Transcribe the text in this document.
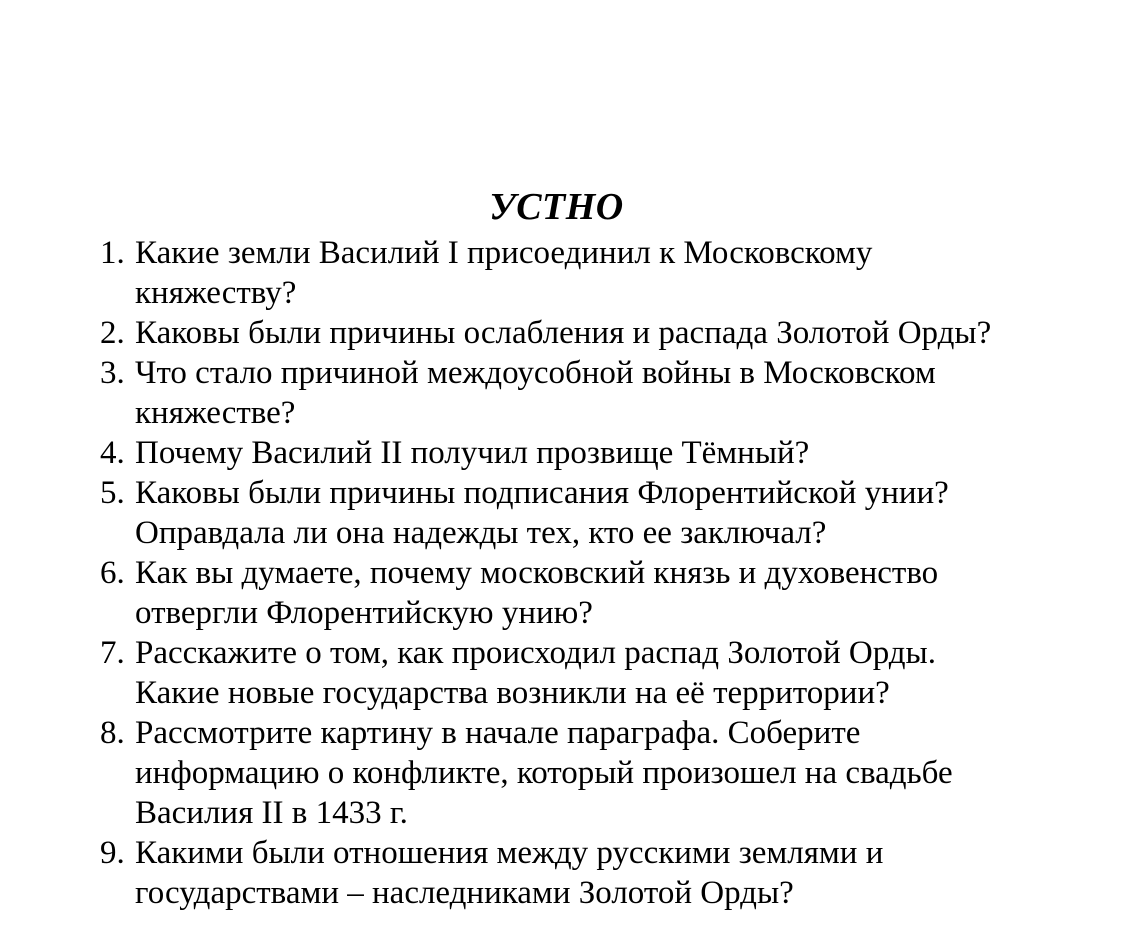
УСТНО
1. Какие земли Василий I присоединил к Московскому
княжеству?
2. Каковы были причины ослабления и распада Золотой Орды?
3. Что стало причиной междоусобной войны в Московском
княжестве?
4. Почему Василий II получил прозвище Тёмный?
5. Каковы были причины подписания Флорентийской унии?
Оправдала ли она надежды тех, кто ее заключал?
6. Как вы думаете, почему московский князь и духовенство
отвергли Флорентийскую унию?
7. Расскажите о том, как происходил распад Золотой Орды.
Какие новые государства возникли на её территории?
8. Рассмотрите картину в начале параграфа. Соберите
информацию о конфликте, который произошел на свадьбе
Василия II в 1433 г.
9. Какими были отношения между русскими землями и
государствами – наследниками Золотой Орды?
